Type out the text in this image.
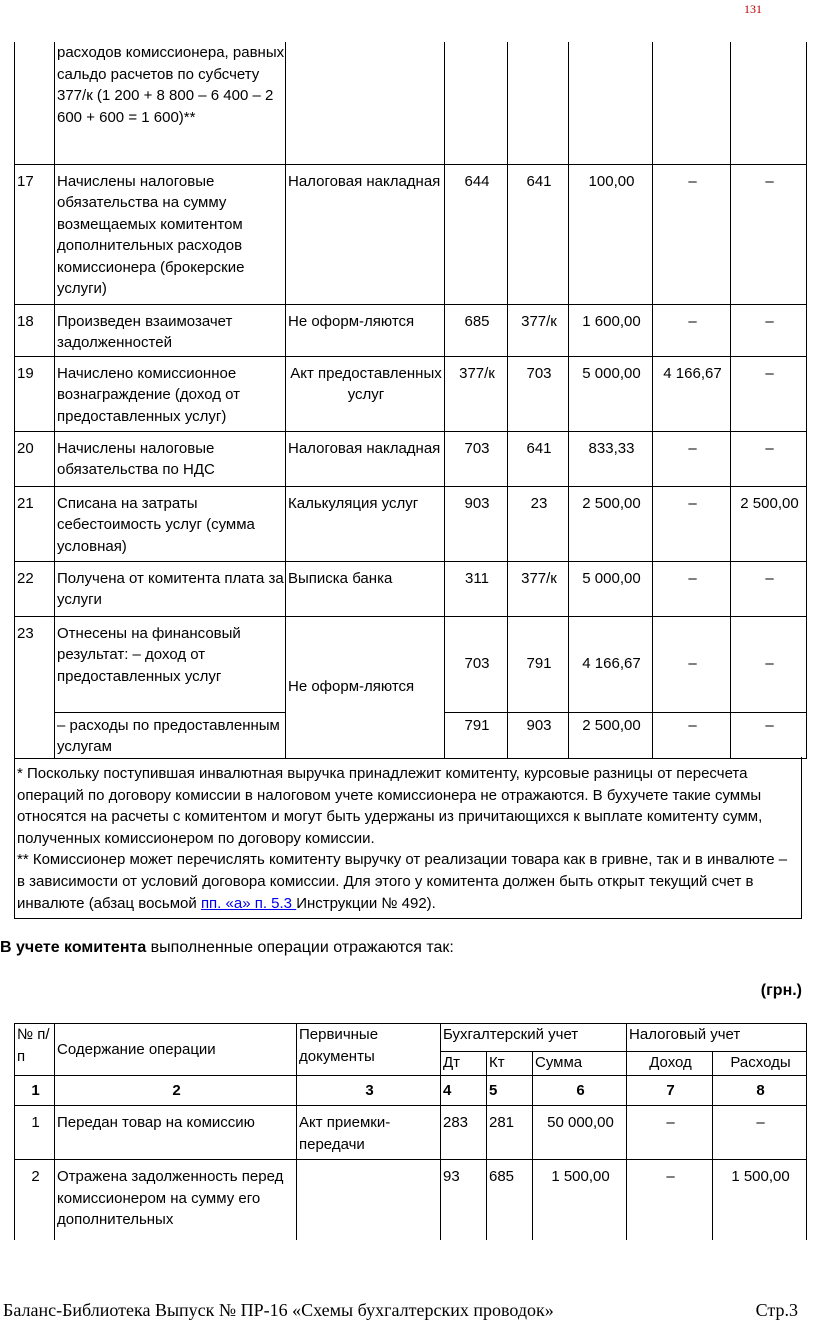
131
	расходов комиссионера, равных сальдо расчетов по субсчету 377/к (1 200 + 8 800 – 6 400 – 2 600 + 600 = 1 600)**						
17	Начислены налоговые обязательства на сумму возмещаемых комитентом дополнительных расходов комиссионера (брокерские услуги)	Налоговая накладная	644	641	100,00	–	–
18	Произведен взаимозачет задолженностей	Не оформ-ляются	685	377/к	1 600,00	–	–
19	Начислено комиссионное вознаграждение (доход от предоставленных услуг)	Акт предоставленных услуг	377/к	703	5 000,00	4 166,67	–
20	Начислены налоговые обязательства по НДС	Налоговая накладная	703	641	833,33	–	–
21	Списана на затраты себестоимость услуг (сумма условная)	Калькуляция услуг	903	23	2 500,00	–	2 500,00
22	Получена от комитента плата за услуги	Выписка банка	311	377/к	5 000,00	–	–
23	Отнесены на финансовый результат: – доход от предоставленных услуг	Не оформ-ляются	703	791	4 166,67	–	–
	– расходы по предоставленным услугам		791	903	2 500,00	–	–
* Поскольку поступившая инвалютная выручка принадлежит комитенту, курсовые разницы от пересчета операций по договору комиссии в налоговом учете комиссионера не отражаются. В бухучете такие суммы относятся на расчеты с комитентом и могут быть удержаны из причитающихся к выплате комитенту сумм, полученных комиссионером по договору комиссии.
** Комиссионер может перечислять комитенту выручку от реализации товара как в гривне, так и в инвалюте – в зависимости от условий договора комиссии. Для этого у комитента должен быть открыт текущий счет в инвалюте (абзац восьмой пп. «а» п. 5.3 Инструкции № 492).
В учете комитента выполненные операции отражаются так:
(грн.)
№ п/п	Содержание операции	Первичные документы	Бухгалтерский учет			Налоговый учет	
			Дт	Кт	Сумма	Доход	Расходы
1	2	3	4	5	6	7	8
1	Передан товар на комиссию	Акт приемки-передачи	283	281	50 000,00	–	–
2	Отражена задолженность перед комиссионером на сумму его дополнительных		93	685	1 500,00	–	1 500,00
Баланс-Библиотека Выпуск № ПР-16 «Схемы бухгалтерских проводок»	Стр.3
